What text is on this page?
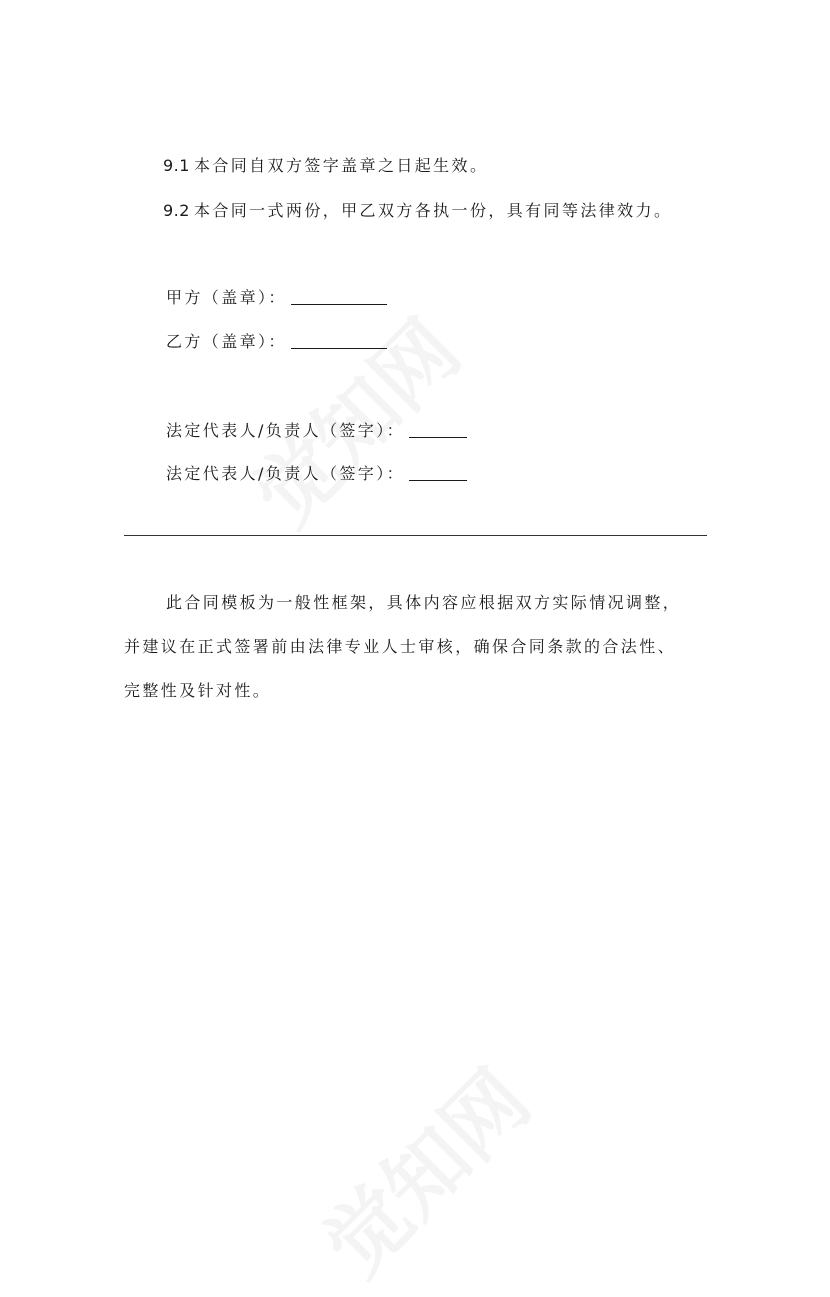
9.1 本合同自双方签字盖章之日起生效。
9.2 本合同一式两份，甲乙双方各执一份，具有同等法律效力。
甲方（盖章）：
乙方（盖章）：
法定代表人/负责人（签字）：
法定代表人/负责人（签字）：
此合同模板为一般性框架，具体内容应根据双方实际情况调整，
并建议在正式签署前由法律专业人士审核，确保合同条款的合法性、
完整性及针对性。
